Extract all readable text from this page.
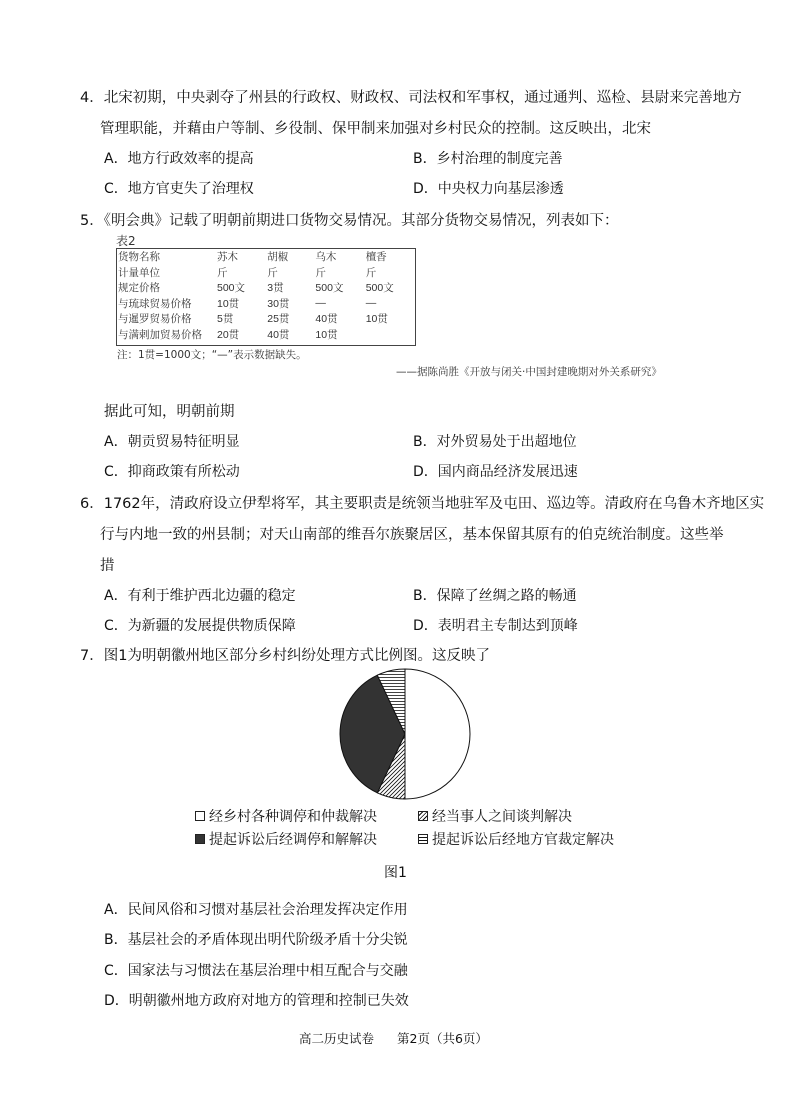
4．北宋初期，中央剥夺了州县的行政权、财政权、司法权和军事权，通过通判、巡检、县尉来完善地方
管理职能，并藉由户等制、乡役制、保甲制来加强对乡村民众的控制。这反映出，北宋
A．地方行政效率的提高	B．乡村治理的制度完善
C．地方官吏失了治理权	D．中央权力向基层渗透
5．《明会典》记载了明朝前期进口货物交易情况。其部分货物交易情况，列表如下：
表2
货物名称	苏木	胡椒	乌木	檀香
计量单位	斤	斤	斤	斤
规定价格	500文	3贯	500文	500文
与琉球贸易价格	10贯	30贯	—	—
与暹罗贸易价格	5贯	25贯	40贯	10贯
与满剌加贸易价格	20贯	40贯	10贯	
注：1贯=1000文；“—”表示数据缺失。
——据陈尚胜《开放与闭关·中国封建晚期对外关系研究》
据此可知，明朝前期
A．朝贡贸易特征明显	B．对外贸易处于出超地位
C．抑商政策有所松动	D．国内商品经济发展迅速
6．1762年，清政府设立伊犁将军，其主要职责是统领当地驻军及屯田、巡边等。清政府在乌鲁木齐地区实
行与内地一致的州县制；对天山南部的维吾尔族聚居区，基本保留其原有的伯克统治制度。这些举
措
A．有利于维护西北边疆的稳定	B．保障了丝绸之路的畅通
C．为新疆的发展提供物质保障	D．表明君主专制达到顶峰
7．图1为明朝徽州地区部分乡村纠纷处理方式比例图。这反映了
经乡村各种调停和仲裁解决	经当事人之间谈判解决
提起诉讼后经调停和解解决	提起诉讼后经地方官裁定解决
图1
A．民间风俗和习惯对基层社会治理发挥决定作用
B．基层社会的矛盾体现出明代阶级矛盾十分尖锐
C．国家法与习惯法在基层治理中相互配合与交融
D．明朝徽州地方政府对地方的管理和控制已失效
高二历史试卷 第2页（共6页）
